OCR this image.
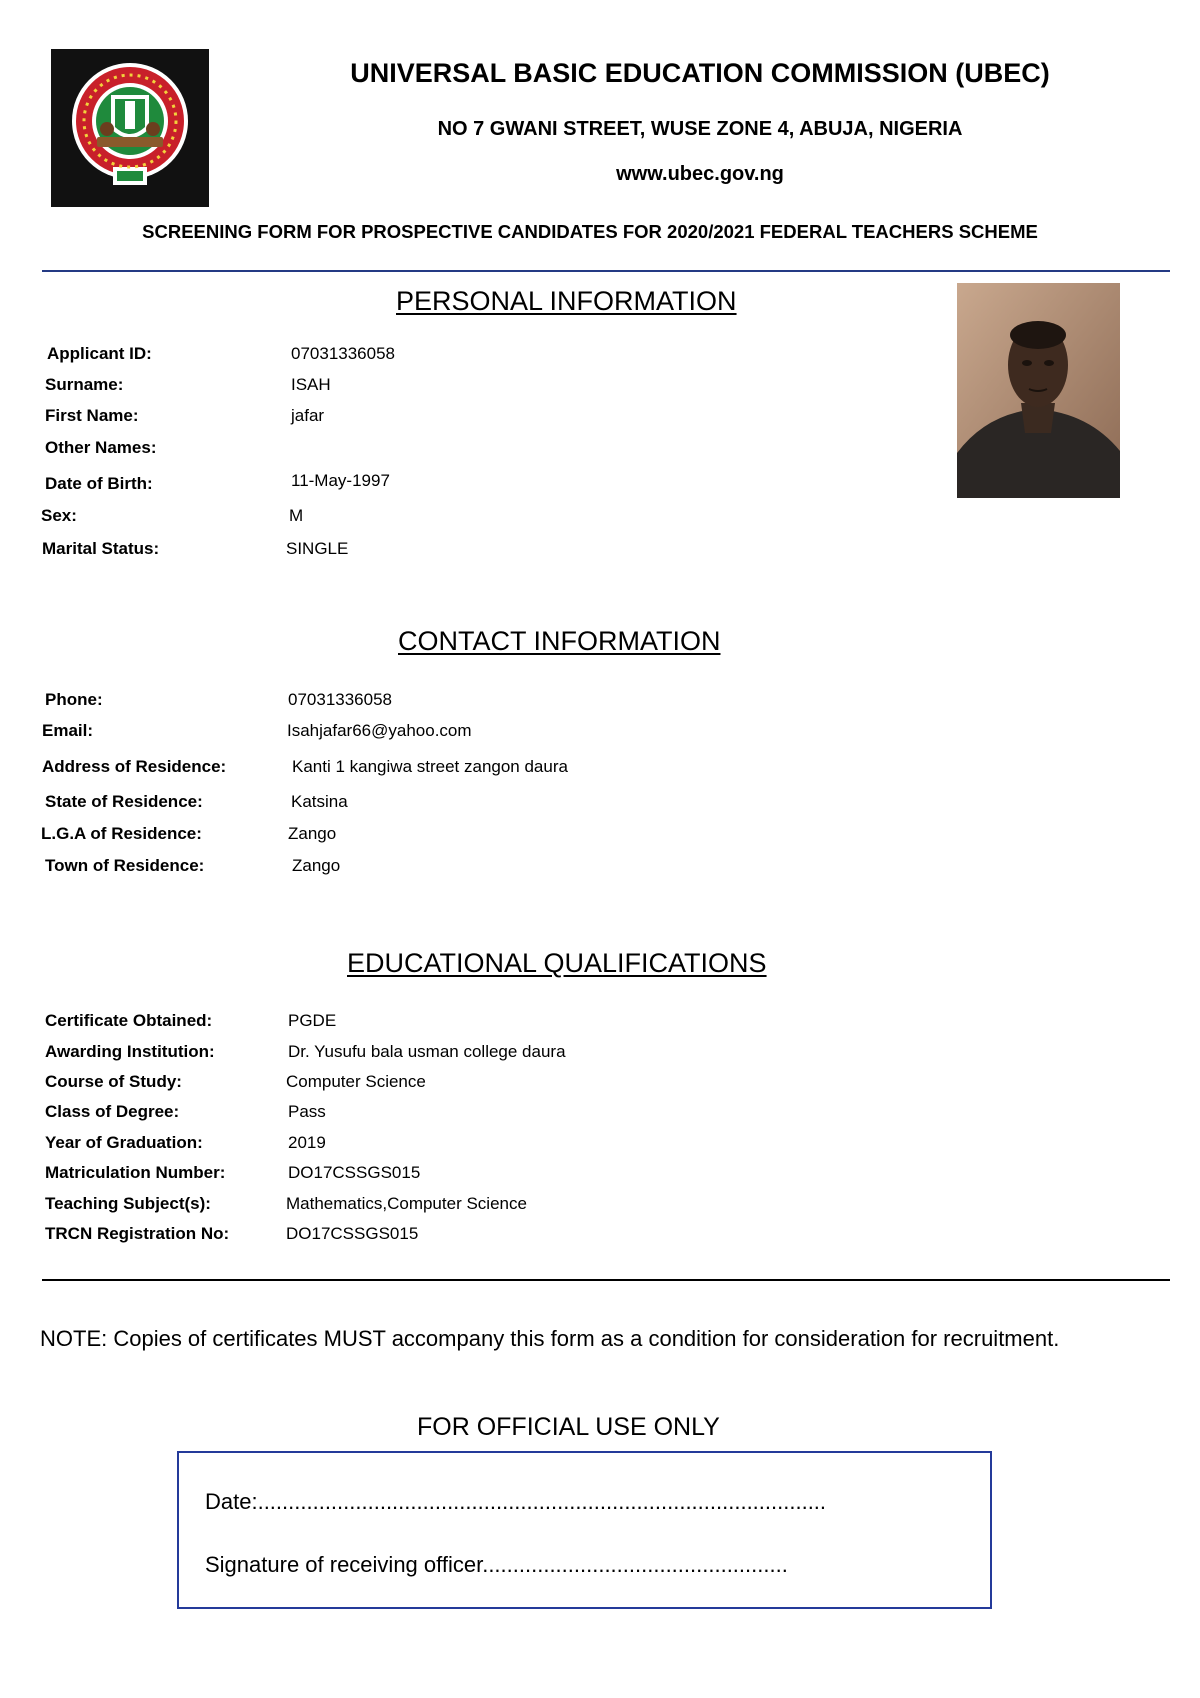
UNIVERSAL BASIC EDUCATION COMMISSION (UBEC)
NO 7 GWANI STREET, WUSE ZONE 4, ABUJA, NIGERIA
www.ubec.gov.ng
SCREENING FORM FOR PROSPECTIVE CANDIDATES FOR 2020/2021 FEDERAL TEACHERS SCHEME
PERSONAL INFORMATION
Applicant ID:	07031336058
Surname:	ISAH
First Name:	jafar
Other Names:
Date of Birth:	11-May-1997
Sex:	M
Marital Status:	SINGLE
CONTACT INFORMATION
Phone:	07031336058
Email:	Isahjafar66@yahoo.com
Address of Residence:	Kanti 1 kangiwa street zangon daura
State of Residence:	Katsina
L.G.A of Residence:	Zango
Town of Residence:	Zango
EDUCATIONAL QUALIFICATIONS
Certificate Obtained:	PGDE
Awarding Institution:	Dr. Yusufu bala usman college daura
Course of Study:	Computer Science
Class of Degree:	Pass
Year of Graduation:	2019
Matriculation Number:	DO17CSSGS015
Teaching Subject(s):	Mathematics,Computer Science
TRCN Registration No:	DO17CSSGS015
NOTE: Copies of certificates MUST accompany this form as a condition for consideration for recruitment.
FOR OFFICIAL USE ONLY
Date:.............................................................................................
Signature of receiving officer..................................................
